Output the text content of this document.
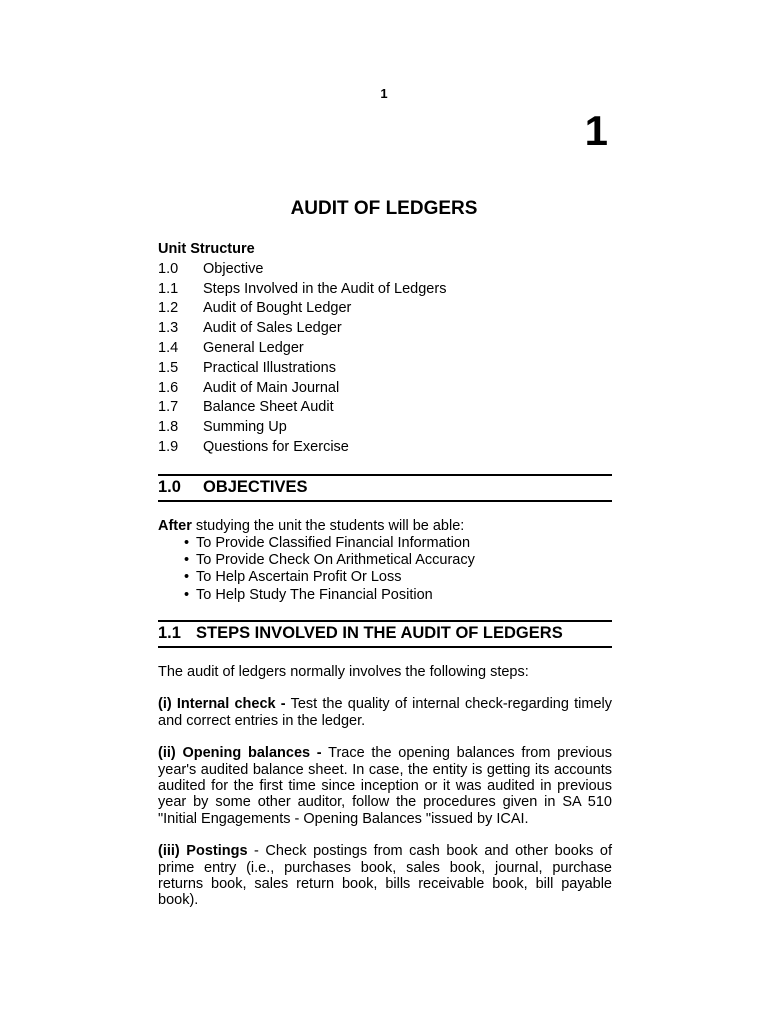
1
1
AUDIT OF LEDGERS

Unit Structure

1.0	Objective
1.1	Steps Involved in the Audit of Ledgers
1.2	Audit of Bought Ledger
1.3	Audit of Sales Ledger
1.4	General Ledger
1.5	Practical Illustrations
1.6	Audit of Main Journal
1.7	Balance Sheet Audit
1.8	Summing Up
1.9	Questions for Exercise
1.0	OBJECTIVES

After studying the unit the students will be able:

• To Provide Classified Financial Information
• To Provide Check On Arithmetical Accuracy
• To Help Ascertain Profit Or Loss
• To Help Study The Financial Position
1.1 STEPS INVOLVED IN THE AUDIT OF LEDGERS

The audit of ledgers normally involves the following steps:

(i) Internal check - Test the quality of internal check-regarding timely and correct entries in the ledger.

(ii) Opening balances - Trace the opening balances from previous year's audited balance sheet. In case, the entity is getting its accounts audited for the first time since inception or it was audited in previous year by some other auditor, follow the procedures given in SA 510 "Initial Engagements - Opening Balances "issued by ICAI.

(iii) Postings - Check postings from cash book and other books of prime entry (i.e., purchases book, sales book, journal, purchase returns book, sales return book, bills receivable book, bill payable book).
